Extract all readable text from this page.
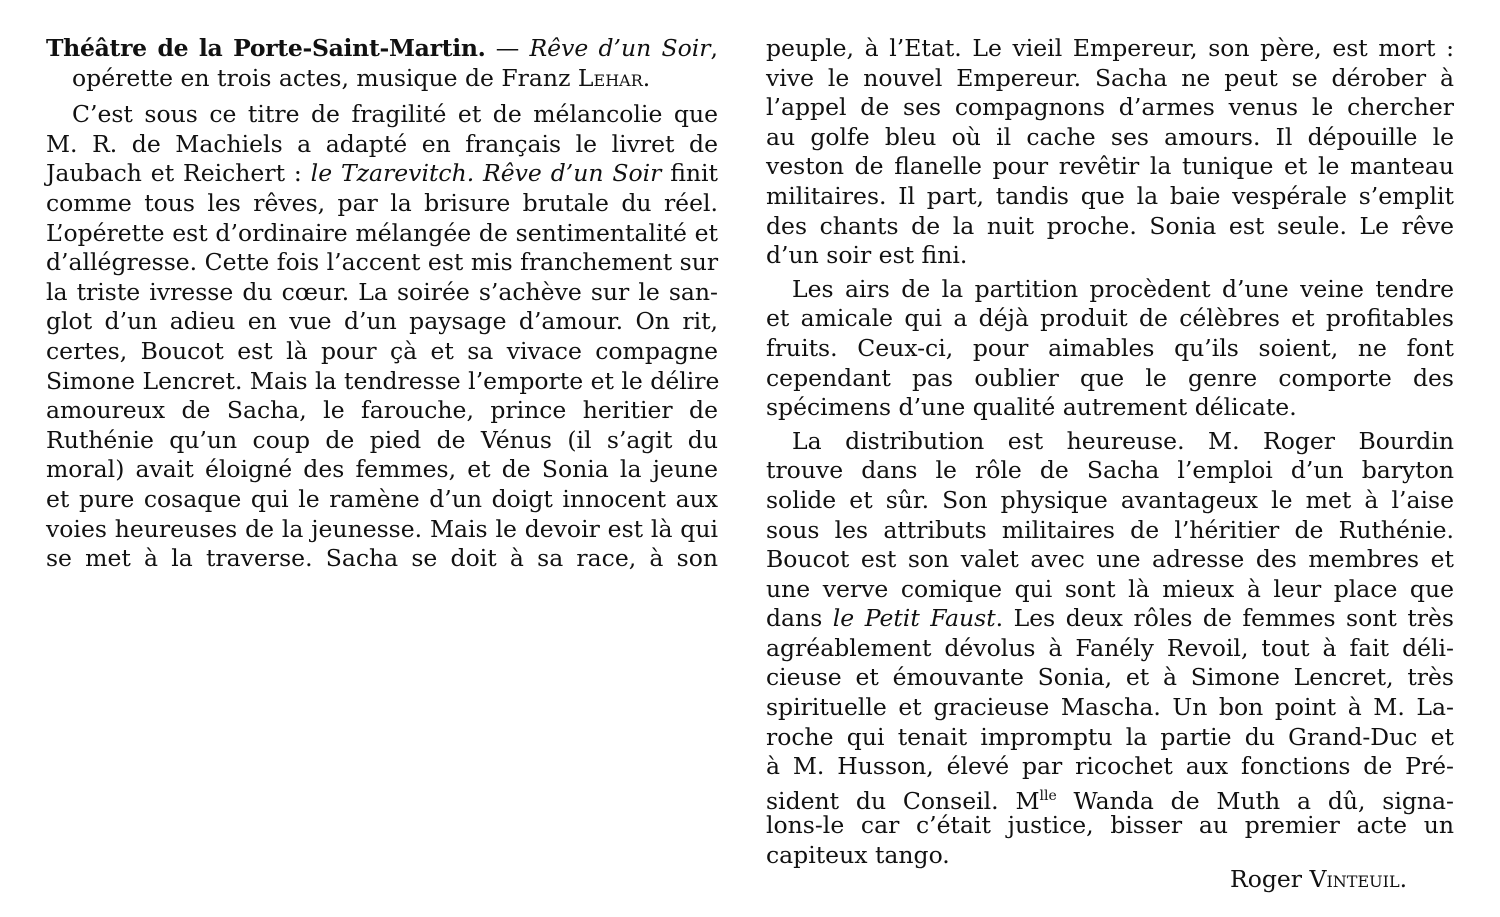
Théâtre de la Porte-Saint-Martin. — Rêve d’un Soir,
opérette en trois actes, musique de Franz Lehar.
C’est sous ce titre de fragilité et de mélancolie que
M. R. de Machiels a adapté en français le livret de
Jaubach et Reichert : le Tzarevitch. Rêve d’un Soir finit
comme tous les rêves, par la brisure brutale du réel.
L’opérette est d’ordinaire mélangée de sentimentalité et
d’allégresse. Cette fois l’accent est mis franchement sur
la triste ivresse du cœur. La soirée s’achève sur le san-
glot d’un adieu en vue d’un paysage d’amour. On rit,
certes, Boucot est là pour çà et sa vivace compagne
Simone Lencret. Mais la tendresse l’emporte et le délire
amoureux de Sacha, le farouche, prince heritier de
Ruthénie qu’un coup de pied de Vénus (il s’agit du
moral) avait éloigné des femmes, et de Sonia la jeune
et pure cosaque qui le ramène d’un doigt innocent aux
voies heureuses de la jeunesse. Mais le devoir est là qui
se met à la traverse. Sacha se doit à sa race, à son
peuple, à l’Etat. Le vieil Empereur, son père, est mort :
vive le nouvel Empereur. Sacha ne peut se dérober à
l’appel de ses compagnons d’armes venus le chercher
au golfe bleu où il cache ses amours. Il dépouille le
veston de flanelle pour revêtir la tunique et le manteau
militaires. Il part, tandis que la baie vespérale s’emplit
des chants de la nuit proche. Sonia est seule. Le rêve
d’un soir est fini.
Les airs de la partition procèdent d’une veine tendre
et amicale qui a déjà produit de célèbres et profitables
fruits. Ceux-ci, pour aimables qu’ils soient, ne font
cependant pas oublier que le genre comporte des
spécimens d’une qualité autrement délicate.
La distribution est heureuse. M. Roger Bourdin
trouve dans le rôle de Sacha l’emploi d’un baryton
solide et sûr. Son physique avantageux le met à l’aise
sous les attributs militaires de l’héritier de Ruthénie.
Boucot est son valet avec une adresse des membres et
une verve comique qui sont là mieux à leur place que
dans le Petit Faust. Les deux rôles de femmes sont très
agréablement dévolus à Fanély Revoil, tout à fait déli-
cieuse et émouvante Sonia, et à Simone Lencret, très
spirituelle et gracieuse Mascha. Un bon point à M. La-
roche qui tenait impromptu la partie du Grand-Duc et
à M. Husson, élevé par ricochet aux fonctions de Pré-
sident du Conseil. $M^{lle}$ Wanda de Muth a dû, signa-
lons-le car c’était justice, bisser au premier acte un
capiteux tango.
Roger Vinteuil.
